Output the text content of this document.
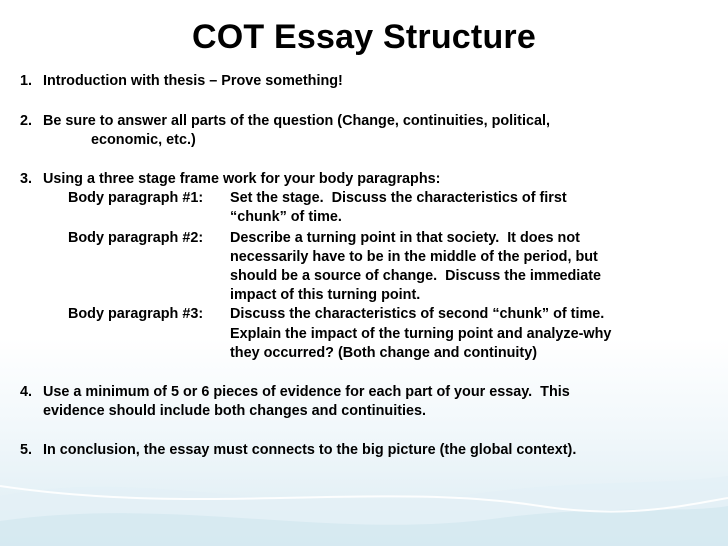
COT Essay Structure
1. Introduction with thesis – Prove something!
2. Be sure to answer all parts of the question (Change, continuities, political,
economic, etc.)
3. Using a three stage frame work for your body paragraphs:
Body paragraph #1: Set the stage.  Discuss the characteristics of first
“chunk” of time.
Body paragraph #2: Describe a turning point in that society.  It does not
necessarily have to be in the middle of the period, but
should be a source of change.  Discuss the immediate
impact of this turning point.
Body paragraph #3: Discuss the characteristics of second “chunk” of time.
Explain the impact of the turning point and analyze-why
they occurred? (Both change and continuity)
4. Use a minimum of 5 or 6 pieces of evidence for each part of your essay.  This
evidence should include both changes and continuities.
5. In conclusion, the essay must connects to the big picture (the global context).
